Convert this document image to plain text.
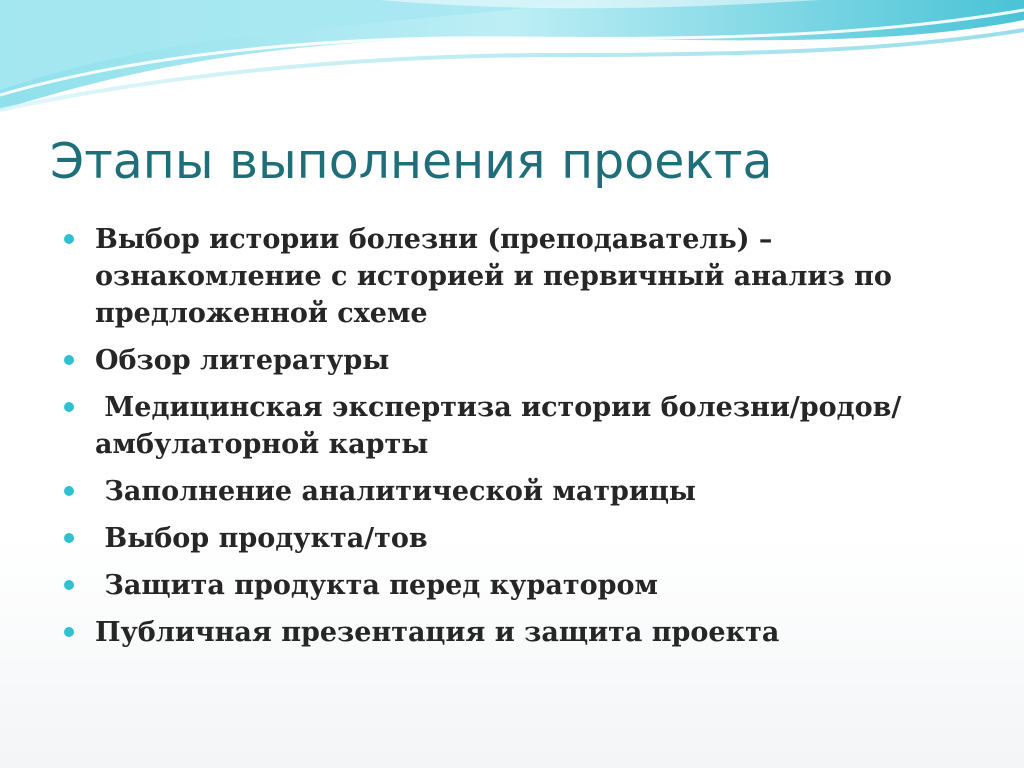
Этапы выполнения проекта
Выбор истории болезни (преподаватель) – ознакомление с историей и первичный анализ по предложенной схеме
Обзор литературы
Медицинская экспертиза истории болезни/родов/амбулаторной карты
Заполнение аналитической матрицы
Выбор продукта/тов
Защита продукта перед куратором
Публичная презентация и защита проекта
